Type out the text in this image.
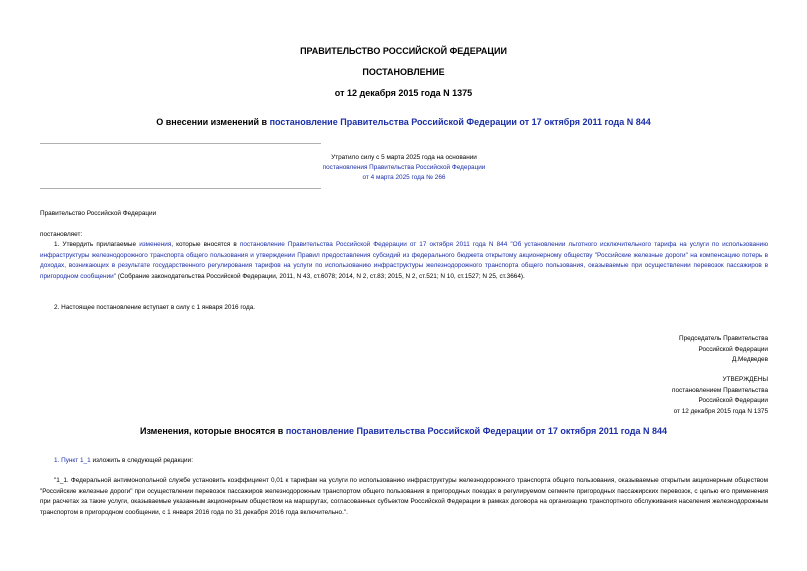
ПРАВИТЕЛЬСТВО РОССИЙСКОЙ ФЕДЕРАЦИИ
ПОСТАНОВЛЕНИЕ
от 12 декабря 2015 года N 1375
О внесении изменений в постановление Правительства Российской Федерации от 17 октября 2011 года N 844
Утратило силу с 5 марта 2025 года на основании
постановления Правительства Российской Федерации
от 4 марта 2025 года № 266
Правительство Российской Федерации
постановляет:
1. Утвердить прилагаемые изменения, которые вносятся в постановление Правительства Российской Федерации от 17 октября 2011 года N 844 "Об установлении льготного исключительного тарифа на услуги по использованию инфраструктуры железнодорожного транспорта общего пользования и утверждении Правил предоставления субсидий из федерального бюджета открытому акционерному обществу "Российские железные дороги" на компенсацию потерь в доходах, возникающих в результате государственного регулирования тарифов на услуги по использованию инфраструктуры железнодорожного транспорта общего пользования, оказываемые при осуществлении перевозок пассажиров в пригородном сообщении" (Собрание законодательства Российской Федерации, 2011, N 43, ст.6078; 2014, N 2, ст.83; 2015, N 2, ст.521; N 10, ст.1527; N 25, ст.3664).
2. Настоящее постановление вступает в силу с 1 января 2016 года.
Председатель Правительства
Российской Федерации
Д.Медведев
УТВЕРЖДЕНЫ
постановлением Правительства
Российской Федерации
от 12 декабря 2015 года N 1375
Изменения, которые вносятся в постановление Правительства Российской Федерации от 17 октября 2011 года N 844
1. Пункт 1_1 изложить в следующей редакции:
"1_1. Федеральной антимонопольной службе установить коэффициент 0,01 к тарифам на услуги по использованию инфраструктуры железнодорожного транспорта общего пользования, оказываемые открытым акционерным обществом "Российские железные дороги" при осуществлении перевозок пассажиров железнодорожным транспортом общего пользования в пригородных поездах в регулируемом сегменте пригородных пассажирских перевозок, с целью его применения при расчетах за такие услуги, оказываемые указанным акционерным обществом на маршрутах, согласованных субъектом Российской Федерации в рамках договора на организацию транспортного обслуживания населения железнодорожным транспортом в пригородном сообщении, с 1 января 2016 года по 31 декабря 2016 года включительно.".
